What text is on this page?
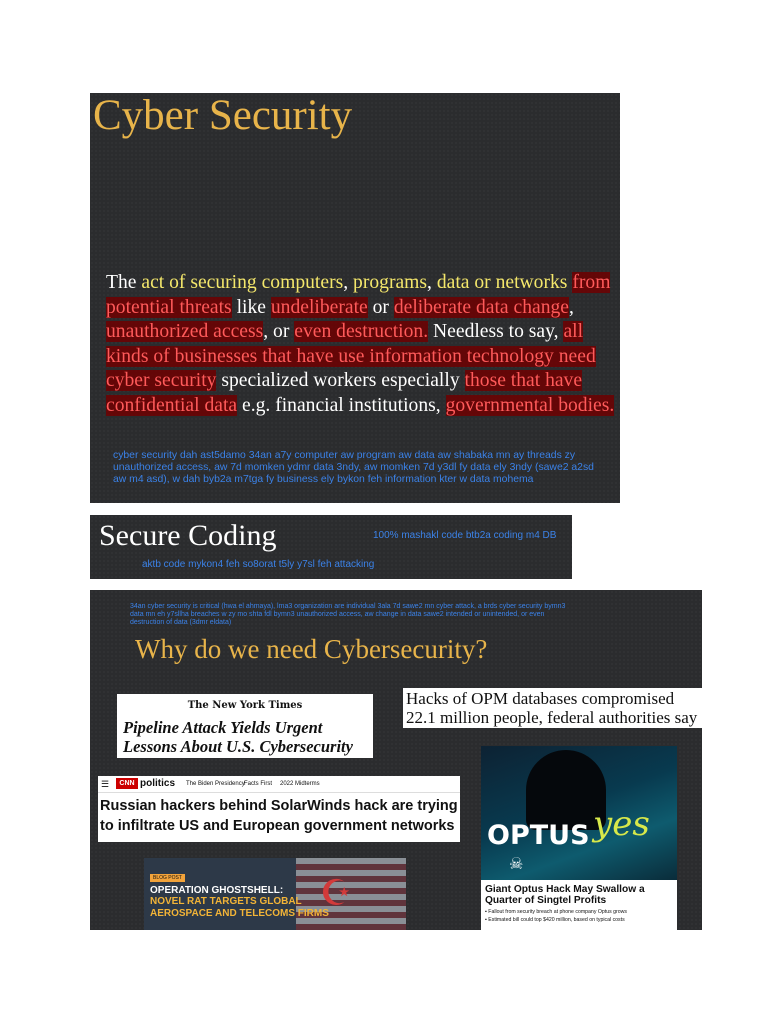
Cyber Security
The act of securing computers, programs, data or networks from potential threats like undeliberate or deliberate data change, unauthorized access, or even destruction. Needless to say, all kinds of businesses that have use information technology need cyber security specialized workers especially those that have confidential data e.g. financial institutions, governmental bodies.
cyber security dah ast5damo 34an a7y computer aw program aw data aw shabaka mn ay threads zy unauthorized access, aw 7d momken ydmr data 3ndy, aw momken 7d y3dl fy data ely 3ndy (sawe2 a2sd aw m4 asd), w dah byb2a m7tga fy business ely bykon feh information kter w data mohema
Secure Coding	100% mashakl code btb2a coding m4 DB
aktb code mykon4 feh so8orat t5ly y7sl feh attacking
34an cyber security is critical (hwa el ahmaya), lma3 organization are individual 3ala 7d sawe2 mn cyber attack, a brds cyber security bymn3 data mn eh y7sllha breaches w zy mo shta fdl bymn3 unauthorized access, aw change in data sawe2 intended or unintended, or even destruction of data (3dmr eldata)
Why do we need Cybersecurity?
The New York Times
Pipeline Attack Yields Urgent Lessons About U.S. Cybersecurity
Hacks of OPM databases compromised 22.1 million people, federal authorities say
☰	CNN politics The Biden Presidency Facts First 2022 Midterms
Russian hackers behind SolarWinds hack are trying to infiltrate US and European government networks
☪
BLOG POST
OPERATION GHOSTSHELL:
NOVEL RAT TARGETS GLOBAL AEROSPACE AND TELECOMS FIRMS
OPTUS yes
☠
Giant Optus Hack May Swallow a Quarter of Singtel Profits
▪ Fallout from security breach at phone company Optus grows
▪ Estimated bill could top $420 million, based on typical costs
